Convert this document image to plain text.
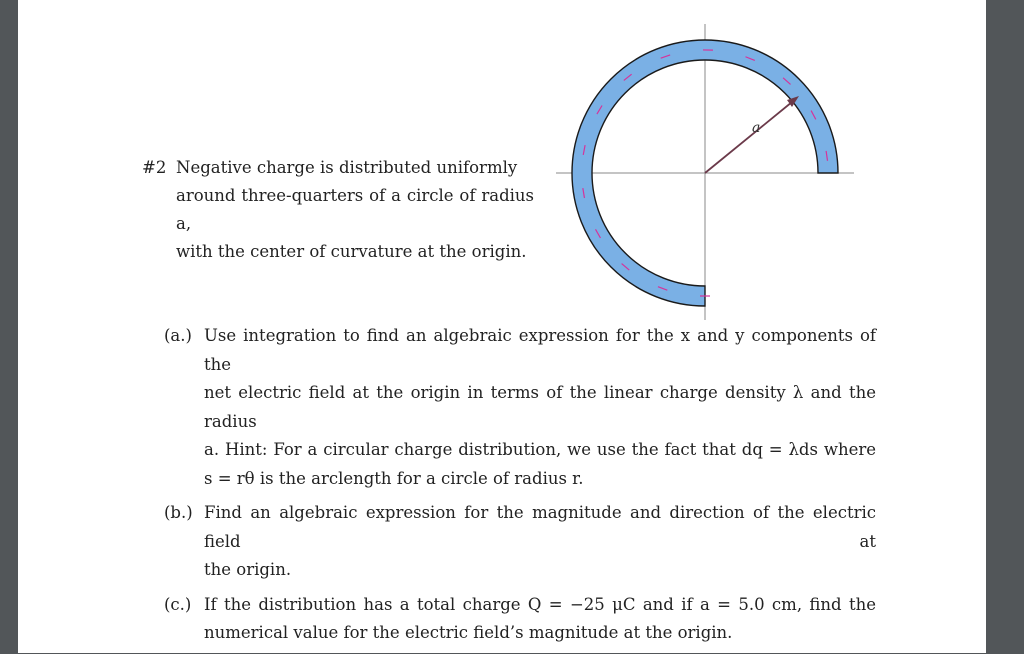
#2 Negative charge is distributed uniformly
around three-quarters of a circle of radius a,
with the center of curvature at the origin.
a
(a.) Use integration to find an algebraic expression for the x and y components of the
net electric field at the origin in terms of the linear charge density λ and the radius
a. Hint: For a circular charge distribution, we use the fact that dq = λds where
s = rθ is the arclength for a circle of radius r.
(b.) Find an algebraic expression for the magnitude and direction of the electric field at
the origin.
(c.) If the distribution has a total charge Q = −25 μC and if a = 5.0 cm, find the
numerical value for the electric field’s magnitude at the origin.
